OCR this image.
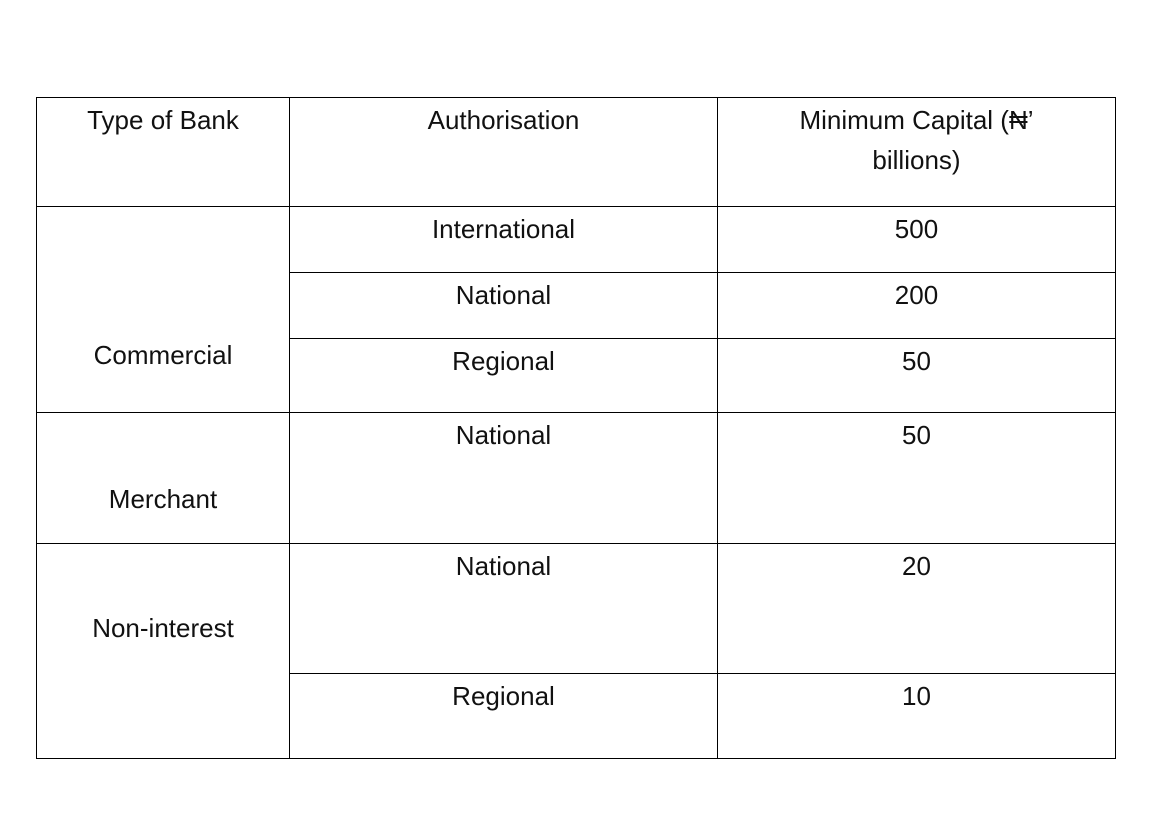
Type of Bank	Authorisation	Minimum Capital (₦’ billions)

Commercial	International	500
	National	200
	Regional	50

Merchant	National	50

Non-interest	National	20
	Regional	10
